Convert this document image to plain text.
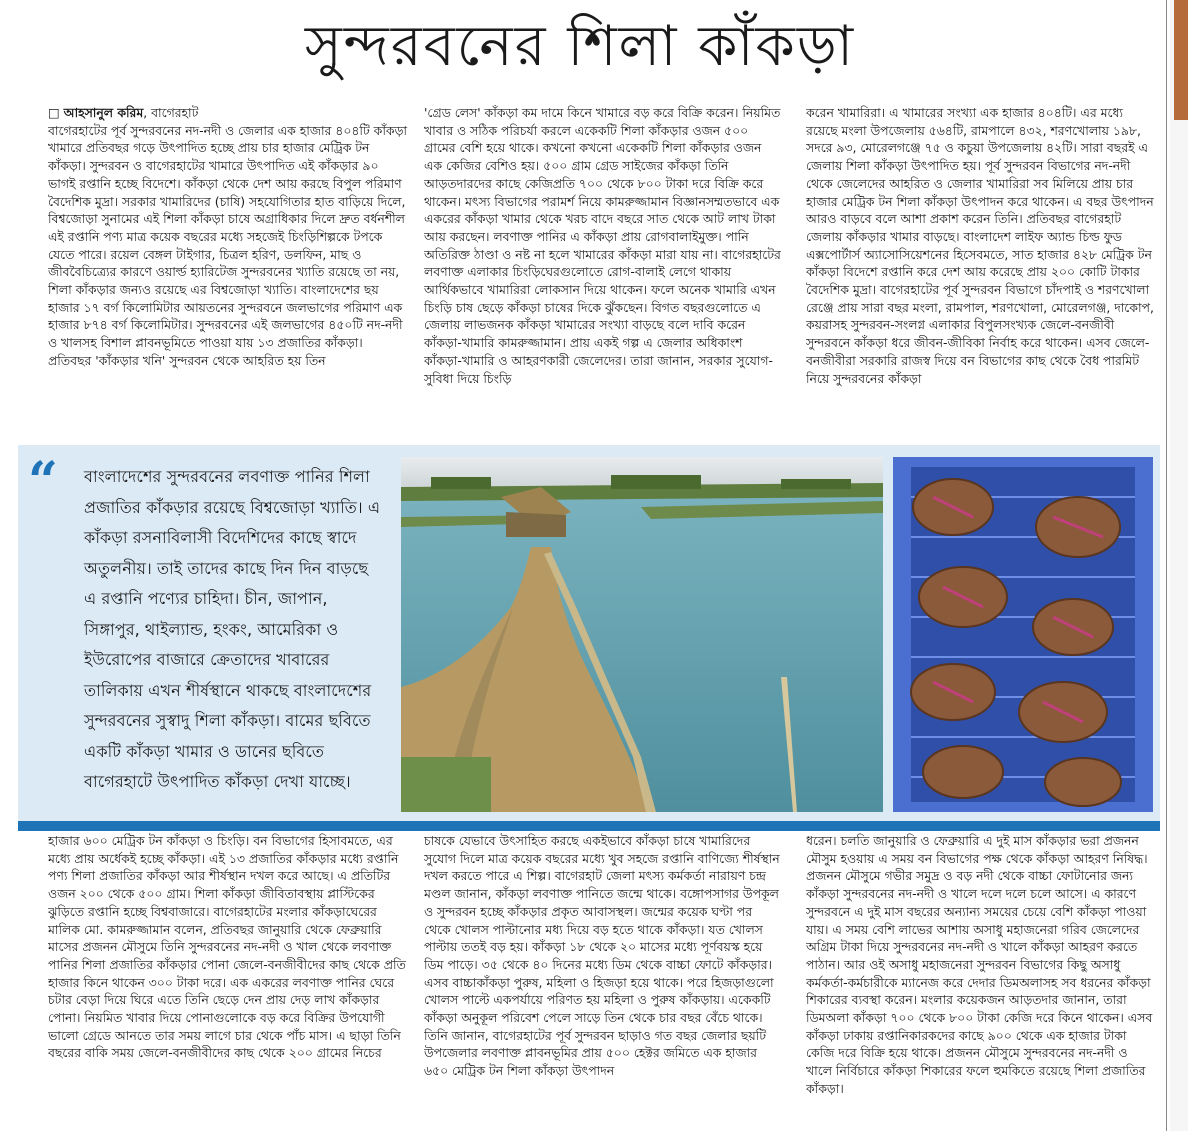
সুন্দরবনের শিলা কাঁকড়া

□ আহসানুল করিম, বাগেরহাট

বাগেরহাটের পূর্ব সুন্দরবনের নদ-নদী ও জেলার এক হাজার ৪০৪টি কাঁকড়া খামারে প্রতিবছর গড়ে উৎপাদিত হচ্ছে প্রায় চার হাজার মেট্রিক টন কাঁকড়া। সুন্দরবন ও বাগেরহাটের খামারে উৎপাদিত এই কাঁকড়ার ৯০ ভাগই রপ্তানি হচ্ছে বিদেশে। কাঁকড়া থেকে দেশ আয় করছে বিপুল পরিমাণ বৈদেশিক মুদ্রা। সরকার খামারিদের (চাষি) সহযোগিতার হাত বাড়িয়ে দিলে, বিশ্বজোড়া সুনামের এই শিলা কাঁকড়া চাষে অগ্রাধিকার দিলে দ্রুত বর্ধনশীল এই রপ্তানি পণ্য মাত্র কয়েক বছরের মধ্যে সহজেই চিংড়িশিল্পকে টপকে যেতে পারে। রয়েল বেঙ্গল টাইগার, চিত্রল হরিণ, ডলফিন, মাছ ও জীববৈচিত্র্যের কারণে ওয়ার্ল্ড হ্যারিটেজ সুন্দরবনের খ্যাতি রয়েছে তা নয়, শিলা কাঁকড়ার জন্যও রয়েছে এর বিশ্বজোড়া খ্যাতি। বাংলাদেশের ছয় হাজার ১৭ বর্গ কিলোমিটার আয়তনের সুন্দরবনে জলভাগের পরিমাণ এক হাজার ৮৭৪ বর্গ কিলোমিটার। সুন্দরবনের এই জলভাগের ৪৫০টি নদ-নদী ও খালসহ বিশাল প্লাবনভূমিতে পাওয়া যায় ১৩ প্রজাতির কাঁকড়া। প্রতিবছর 'কাঁকড়ার খনি' সুন্দরবন থেকে আহরিত হয় তিন

'গ্রেড লেস' কাঁকড়া কম দামে কিনে খামারে বড় করে বিক্রি করেন। নিয়মিত খাবার ও সঠিক পরিচর্যা করলে একেকটি শিলা কাঁকড়ার ওজন ৫০০ গ্রামের বেশি হয়ে থাকে। কখনো কখনো একেকটি শিলা কাঁকড়ার ওজন এক কেজির বেশিও হয়। ৫০০ গ্রাম গ্রেড সাইজের কাঁকড়া তিনি আড়তদারদের কাছে কেজিপ্রতি ৭০০ থেকে ৮০০ টাকা দরে বিক্রি করে থাকেন। মৎস্য বিভাগের পরামর্শ নিয়ে কামরুজ্জামান বিজ্ঞানসম্মতভাবে এক একরের কাঁকড়া খামার থেকে খরচ বাদে বছরে সাত থেকে আট লাখ টাকা আয় করছেন। লবণাক্ত পানির এ কাঁকড়া প্রায় রোগবালাইমুক্ত। পানি অতিরিক্ত ঠাণ্ডা ও নষ্ট না হলে খামারের কাঁকড়া মারা যায় না। বাগেরহাটের লবণাক্ত এলাকার চিংড়িঘেরগুলোতে রোগ-বালাই লেগে থাকায় আর্থিকভাবে খামারিরা লোকসান দিয়ে থাকেন। ফলে অনেক খামারি এখন চিংড়ি চাষ ছেড়ে কাঁকড়া চাষের দিকে ঝুঁকছেন। বিগত বছরগুলোতে এ জেলায় লাভজনক কাঁকড়া খামারের সংখ্যা বাড়ছে বলে দাবি করেন কাঁকড়া-খামারি কামরুজ্জামান। প্রায় একই গল্প এ জেলার অধিকাংশ কাঁকড়া-খামারি ও আহরণকারী জেলেদের। তারা জানান, সরকার সুযোগ-সুবিধা দিয়ে চিংড়ি

করেন খামারিরা। এ খামারের সংখ্যা এক হাজার ৪০৪টি। এর মধ্যে রয়েছে মংলা উপজেলায় ৫৬৪টি, রামপালে ৪৩২, শরণখোলায় ১৯৮, সদরে ৯৩, মোরেলগঞ্জে ৭৫ ও কচুয়া উপজেলায় ৪২টি। সারা বছরই এ জেলায় শিলা কাঁকড়া উৎপাদিত হয়। পূর্ব সুন্দরবন বিভাগের নদ-নদী থেকে জেলেদের আহরিত ও জেলার খামারিরা সব মিলিয়ে প্রায় চার হাজার মেট্রিক টন শিলা কাঁকড়া উৎপাদন করে থাকেন। এ বছর উৎপাদন আরও বাড়বে বলে আশা প্রকাশ করেন তিনি। প্রতিবছর বাগেরহাট জেলায় কাঁকড়ার খামার বাড়ছে। বাংলাদেশ লাইফ অ্যান্ড চিল্ড ফুড এক্সপোর্টার্স অ্যাসোসিয়েশনের হিসেবমতে, সাত হাজার ৪২৮ মেট্রিক টন কাঁকড়া বিদেশে রপ্তানি করে দেশ আয় করেছে প্রায় ২০০ কোটি টাকার বৈদেশিক মুদ্রা। বাগেরহাটের পূর্ব সুন্দরবন বিভাগে চাঁদপাই ও শরণখোলা রেঞ্জে প্রায় সারা বছর মংলা, রামপাল, শরণখোলা, মোরেলগঞ্জ, দাকোপ, কয়রাসহ সুন্দরবন-সংলগ্ন এলাকার বিপুলসংখ্যক জেলে-বনজীবী সুন্দরবনে কাঁকড়া ধরে জীবন-জীবিকা নির্বাহ করে থাকেন। এসব জেলে-বনজীবীরা সরকারি রাজস্ব দিয়ে বন বিভাগের কাছ থেকে বৈধ পারমিট নিয়ে সুন্দরবনের কাঁকড়া

“ বাংলাদেশের সুন্দরবনের লবণাক্ত পানির শিলা প্রজাতির কাঁকড়ার রয়েছে বিশ্বজোড়া খ্যাতি। এ কাঁকড়া রসনাবিলাসী বিদেশিদের কাছে স্বাদে অতুলনীয়। তাই তাদের কাছে দিন দিন বাড়ছে এ রপ্তানি পণ্যের চাহিদা। চীন, জাপান, সিঙ্গাপুর, থাইল্যান্ড, হংকং, আমেরিকা ও ইউরোপের বাজারে ক্রেতাদের খাবারের তালিকায় এখন শীর্ষস্থানে থাকছে বাংলাদেশের সুন্দরবনের সুস্বাদু শিলা কাঁকড়া। বামের ছবিতে একটি কাঁকড়া খামার ও ডানের ছবিতে বাগেরহাটে উৎপাদিত কাঁকড়া দেখা যাচ্ছে।

হাজার ৬০০ মেট্রিক টন কাঁকড়া ও চিংড়ি। বন বিভাগের হিসাবমতে, এর মধ্যে প্রায় অর্ধেকই হচ্ছে কাঁকড়া। এই ১৩ প্রজাতির কাঁকড়ার মধ্যে রপ্তানি পণ্য শিলা প্রজাতির কাঁকড়া আর শীর্ষস্থান দখল করে আছে। এ প্রতিটির ওজন ২০০ থেকে ৫০০ গ্রাম। শিলা কাঁকড়া জীবিতাবস্থায় প্লাস্টিকের ঝুড়িতে রপ্তানি হচ্ছে বিশ্ববাজারে। বাগেরহাটের মংলার কাঁকড়াঘেরের মালিক মো. কামরুজ্জামান বলেন, প্রতিবছর জানুয়ারি থেকে ফেব্রুয়ারি মাসের প্রজনন মৌসুমে তিনি সুন্দরবনের নদ-নদী ও খাল থেকে লবণাক্ত পানির শিলা প্রজাতির কাঁকড়ার পোনা জেলে-বনজীবীদের কাছ থেকে প্রতি হাজার কিনে থাকেন ৩০০ টাকা দরে। এক একরের লবণাক্ত পানির ঘেরে চটার বেড়া দিয়ে ঘিরে এতে তিনি ছেড়ে দেন প্রায় দেড় লাখ কাঁকড়ার পোনা। নিয়মিত খাবার দিয়ে পোনাগুলোকে বড় করে বিক্রির উপযোগী ভালো গ্রেডে আনতে তার সময় লাগে চার থেকে পাঁচ মাস। এ ছাড়া তিনি বছরের বাকি সময় জেলে-বনজীবীদের কাছ থেকে ২০০ গ্রামের নিচের

চাষকে যেভাবে উৎসাহিত করছে একইভাবে কাঁকড়া চাষে খামারিদের সুযোগ দিলে মাত্র কয়েক বছরের মধ্যে খুব সহজে রপ্তানি বাণিজ্যে শীর্ষস্থান দখল করতে পারে এ শিল্প। বাগেরহাট জেলা মৎস্য কর্মকর্তা নারায়ণ চন্দ্র মণ্ডল জানান, কাঁকড়া লবণাক্ত পানিতে জন্মে থাকে। বঙ্গোপসাগর উপকূল ও সুন্দরবন হচ্ছে কাঁকড়ার প্রকৃত আবাসস্থল। জন্মের কয়েক ঘণ্টা পর থেকে খোলস পাল্টানোর মধ্য দিয়ে বড় হতে থাকে কাঁকড়া। যত খোলস পাল্টায় ততই বড় হয়। কাঁকড়া ১৮ থেকে ২০ মাসের মধ্যে পূর্ণবয়স্ক হয়ে ডিম পাড়ে। ৩৫ থেকে ৪০ দিনের মধ্যে ডিম থেকে বাচ্চা ফোটে কাঁকড়ার। এসব বাচ্চাকাঁকড়া পুরুষ, মহিলা ও হিজড়া হয়ে থাকে। পরে হিজড়াগুলো খোলস পাল্টে একপর্যায়ে পরিণত হয় মহিলা ও পুরুষ কাঁকড়ায়। একেকটি কাঁকড়া অনুকূল পরিবেশ পেলে সাড়ে তিন থেকে চার বছর বেঁচে থাকে। তিনি জানান, বাগেরহাটের পূর্ব সুন্দরবন ছাড়াও গত বছর জেলার ছয়টি উপজেলার লবণাক্ত প্লাবনভূমির প্রায় ৫০০ হেক্টর জমিতে এক হাজার ৬৫০ মেট্রিক টন শিলা কাঁকড়া উৎপাদন

ধরেন। চলতি জানুয়ারি ও ফেব্রুয়ারি এ দুই মাস কাঁকড়ার ভরা প্রজনন মৌসুম হওয়ায় এ সময় বন বিভাগের পক্ষ থেকে কাঁকড়া আহরণ নিষিদ্ধ। প্রজনন মৌসুমে গভীর সমুদ্র ও বড় নদী থেকে বাচ্চা ফোটানোর জন্য কাঁকড়া সুন্দরবনের নদ-নদী ও খালে দলে দলে চলে আসে। এ কারণে সুন্দরবনে এ দুই মাস বছরের অন্যান্য সময়ের চেয়ে বেশি কাঁকড়া পাওয়া যায়। এ সময় বেশি লাভের আশায় অসাধু মহাজনেরা গরিব জেলেদের অগ্রিম টাকা দিয়ে সুন্দরবনের নদ-নদী ও খালে কাঁকড়া আহরণ করতে পাঠান। আর ওই অসাধু মহাজনেরা সুন্দরবন বিভাগের কিছু অসাধু কর্মকর্তা-কর্মচারীকে ম্যানেজ করে দেদার ডিমঅলাসহ সব ধরনের কাঁকড়া শিকারের ব্যবস্থা করেন। মংলার কয়েকজন আড়তদার জানান, তারা ডিমঅলা কাঁকড়া ৭০০ থেকে ৮০০ টাকা কেজি দরে কিনে থাকেন। এসব কাঁকড়া ঢাকায় রপ্তানিকারকদের কাছে ৯০০ থেকে এক হাজার টাকা কেজি দরে বিক্রি হয়ে থাকে। প্রজনন মৌসুমে সুন্দরবনের নদ-নদী ও খালে নির্বিচারে কাঁকড়া শিকারের ফলে হুমকিতে রয়েছে শিলা প্রজাতির কাঁকড়া।
